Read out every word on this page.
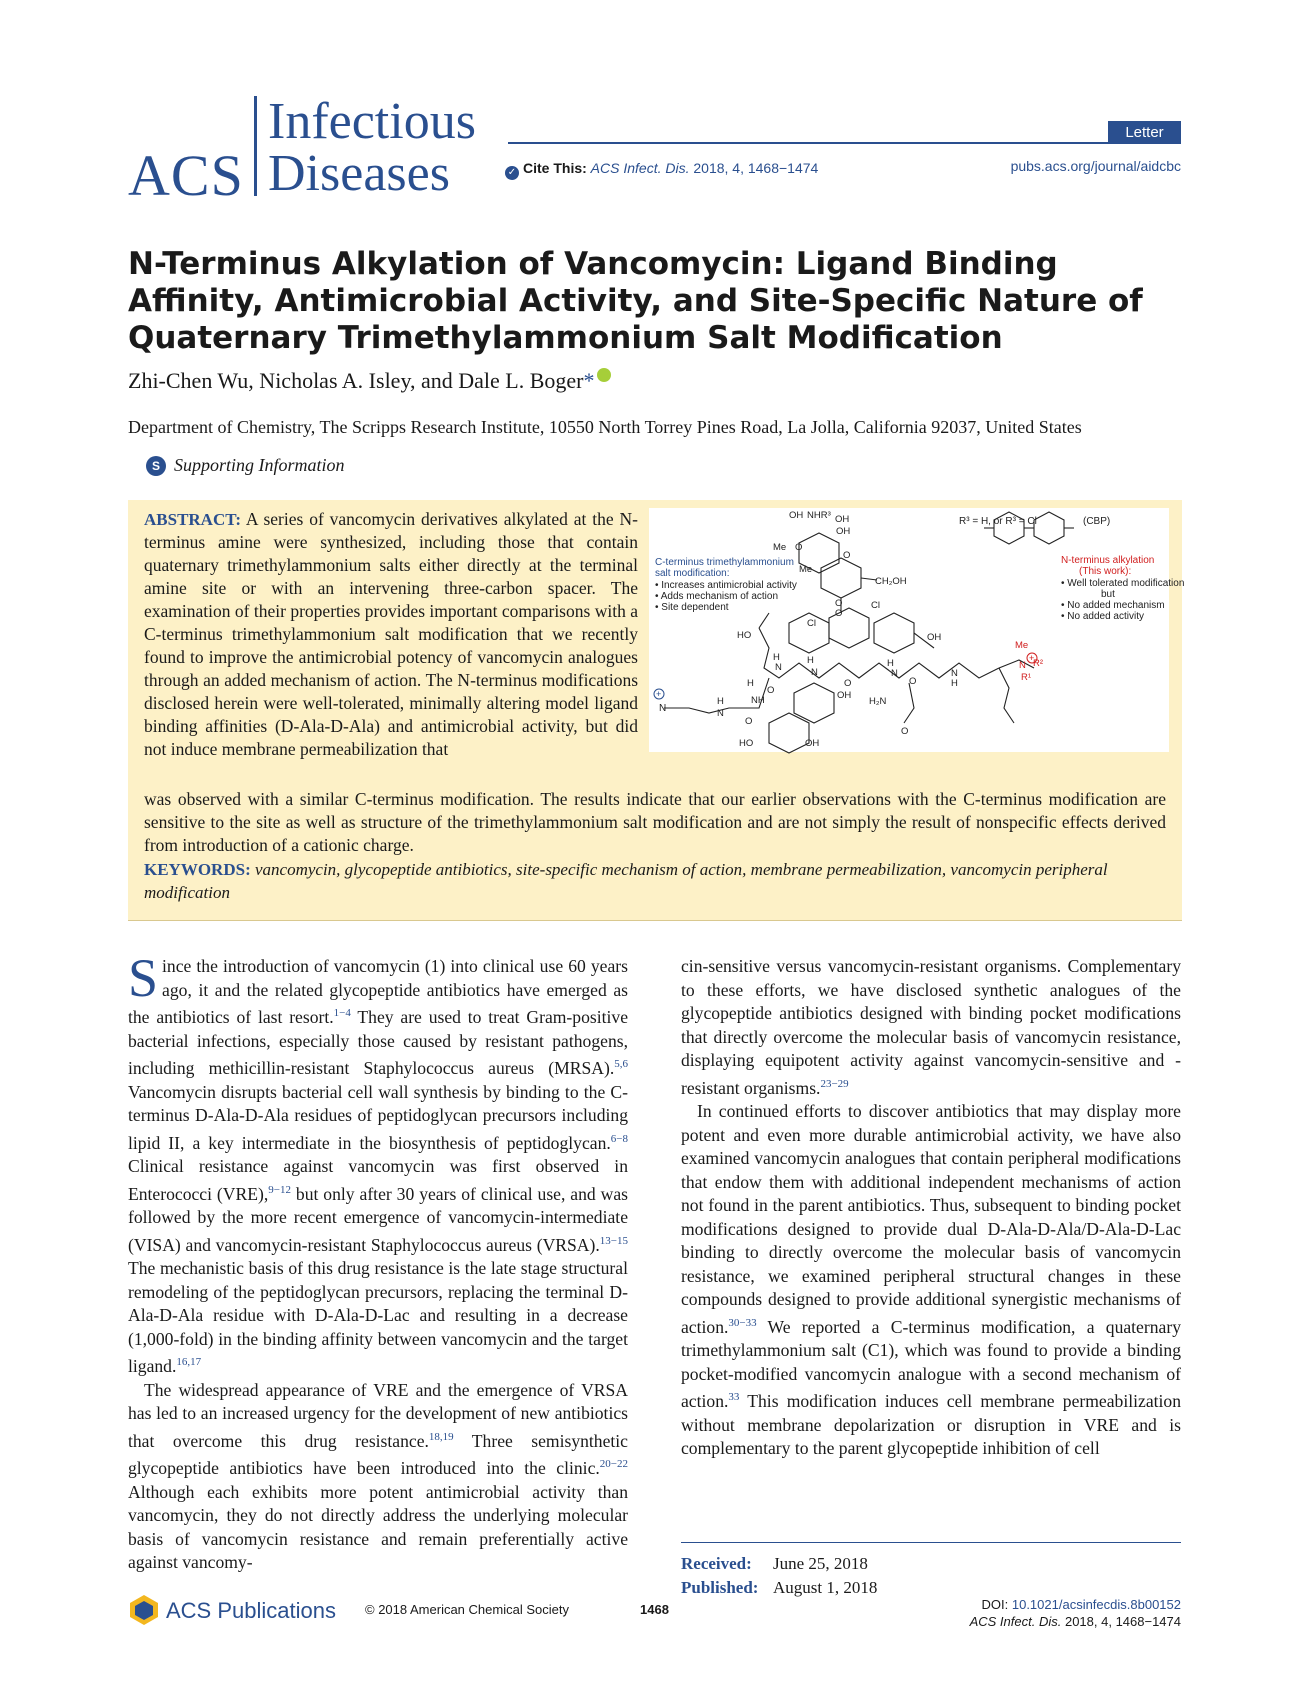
ACS
Infectious
Diseases
Letter
✓ Cite This: ACS Infect. Dis. 2018, 4, 1468−1474	pubs.acs.org/journal/aidcbc
N-Terminus Alkylation of Vancomycin: Ligand Binding Affinity, Antimicrobial Activity, and Site-Specific Nature of Quaternary Trimethylammonium Salt Modification
Zhi-Chen Wu, Nicholas A. Isley, and Dale L. Boger*
Department of Chemistry, The Scripps Research Institute, 10550 North Torrey Pines Road, La Jolla, California 92037, United States
S Supporting Information
ABSTRACT: A series of vancomycin derivatives alkylated at the N-terminus amine were synthesized, including those that contain quaternary trimethylammonium salts either directly at the terminal amine site or with an intervening three-carbon spacer. The examination of their properties provides important comparisons with a C-terminus trimethylammonium salt modification that we recently found to improve the antimicrobial potency of vancomycin analogues through an added mechanism of action. The N-terminus modifications disclosed herein were well-tolerated, minimally altering model ligand binding affinities (D-Ala-D-Ala) and antimicrobial activity, but did not induce membrane permeabilization that
R³ = H, or R³ = Cl	(CBP)
C-terminus trimethylammonium
salt modification:
• Increases antimicrobial activity
• Adds mechanism of action
• Site dependent
N-terminus alkylation
(This work):
• Well tolerated modification
but
• No added mechanism
• No added activity
OH NHR³ OH
Me O
Me
O
O
OH
CH₂OH
O
Cl
HO
Cl
OH
H
N
O
H
N
O
H
N
O
H₂N
O
N
H
Me
N R²
R¹
NH
H
OH
HO	OH
N
H
O
+
N
+
was observed with a similar C-terminus modification. The results indicate that our earlier observations with the C-terminus modification are sensitive to the site as well as structure of the trimethylammonium salt modification and are not simply the result of nonspecific effects derived from introduction of a cationic charge.
KEYWORDS: vancomycin, glycopeptide antibiotics, site-specific mechanism of action, membrane permeabilization, vancomycin peripheral modification

Since the introduction of vancomycin (1) into clinical use 60 years ago, it and the related glycopeptide antibiotics have emerged as the antibiotics of last resort.$^{1-4}$ They are used to treat Gram-positive bacterial infections, especially those caused by resistant pathogens, including methicillin-resistant Staphylococcus aureus (MRSA).$^{5,6}$ Vancomycin disrupts bacterial cell wall synthesis by binding to the C-terminus D-Ala-D-Ala residues of peptidoglycan precursors including lipid II, a key intermediate in the biosynthesis of peptidoglycan.$^{6-8}$ Clinical resistance against vancomycin was first observed in Enterococci (VRE),$^{9-12}$ but only after 30 years of clinical use, and was followed by the more recent emergence of vancomycin-intermediate (VISA) and vancomycin-resistant Staphylococcus aureus (VRSA).$^{13-15}$ The mechanistic basis of this drug resistance is the late stage structural remodeling of the peptidoglycan precursors, replacing the terminal D-Ala-D-Ala residue with D-Ala-D-Lac and resulting in a decrease (1,000-fold) in the binding affinity between vancomycin and the target ligand.$^{16,17}$

The widespread appearance of VRE and the emergence of VRSA has led to an increased urgency for the development of new antibiotics that overcome this drug resistance.$^{18,19}$ Three semisynthetic glycopeptide antibiotics have been introduced into the clinic.$^{20-22}$ Although each exhibits more potent antimicrobial activity than vancomycin, they do not directly address the underlying molecular basis of vancomycin resistance and remain preferentially active against vancomy-

cin-sensitive versus vancomycin-resistant organisms. Complementary to these efforts, we have disclosed synthetic analogues of the glycopeptide antibiotics designed with binding pocket modifications that directly overcome the molecular basis of vancomycin resistance, displaying equipotent activity against vancomycin-sensitive and -resistant organisms.$^{23-29}$

In continued efforts to discover antibiotics that may display more potent and even more durable antimicrobial activity, we have also examined vancomycin analogues that contain peripheral modifications that endow them with additional independent mechanisms of action not found in the parent antibiotics. Thus, subsequent to binding pocket modifications designed to provide dual D-Ala-D-Ala/D-Ala-D-Lac binding to directly overcome the molecular basis of vancomycin resistance, we examined peripheral structural changes in these compounds designed to provide additional synergistic mechanisms of action.$^{30-33}$ We reported a C-terminus modification, a quaternary trimethylammonium salt (C1), which was found to provide a binding pocket-modified vancomycin analogue with a second mechanism of action.$^{33}$ This modification induces cell membrane permeabilization without membrane depolarization or disruption in VRE and is complementary to the parent glycopeptide inhibition of cell

Received: June 25, 2018
Published: August 1, 2018
ACS Publications © 2018 American Chemical Society	1468	DOI: 10.1021/acsinfecdis.8b00152
ACS Infect. Dis. 2018, 4, 1468−1474
